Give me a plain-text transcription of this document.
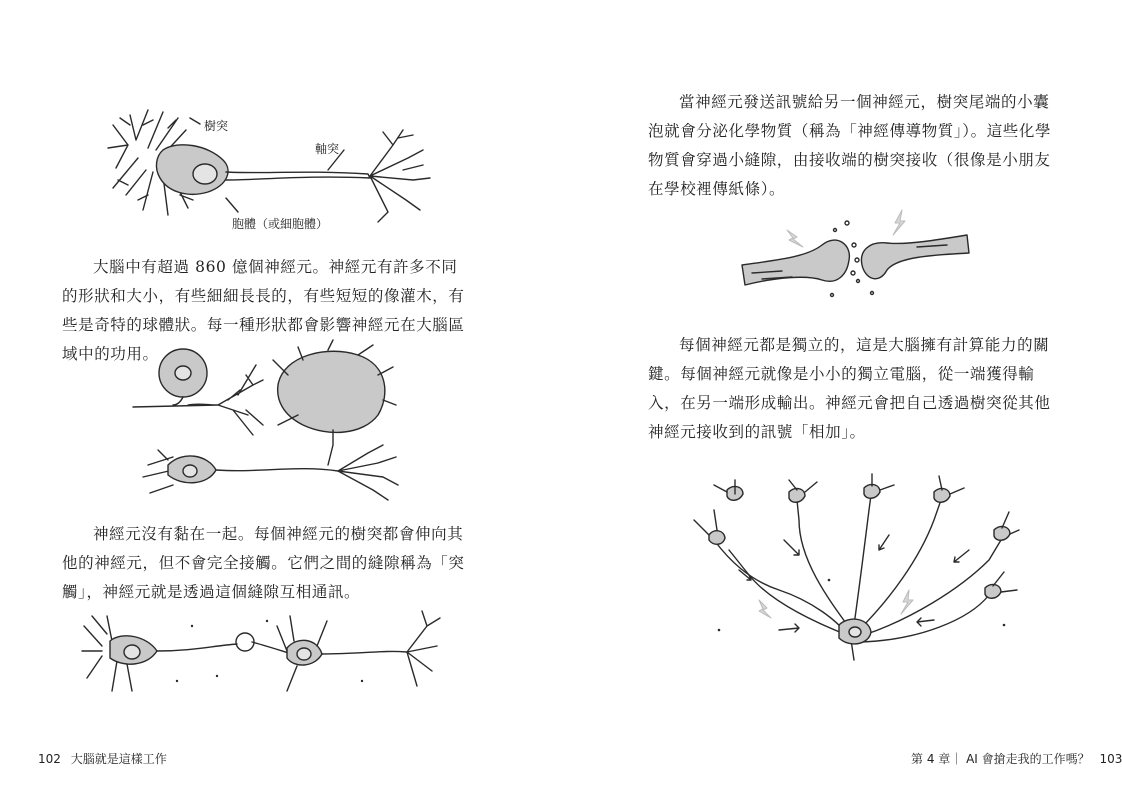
樹突
軸突
胞體（或細胞體）

大腦中有超過 860 億個神經元。神經元有許多不同的形狀和大小，有些細細長長的，有些短短的像灌木，有些是奇特的球體狀。每一種形狀都會影響神經元在大腦區域中的功用。

神經元沒有黏在一起。每個神經元的樹突都會伸向其他的神經元，但不會完全接觸。它們之間的縫隙稱為「突觸」，神經元就是透過這個縫隙互相通訊。

102 大腦就是這樣工作

當神經元發送訊號給另一個神經元，樹突尾端的小囊泡就會分泌化學物質（稱為「神經傳導物質」）。這些化學物質會穿過小縫隙，由接收端的樹突接收（很像是小朋友在學校裡傳紙條）。

每個神經元都是獨立的，這是大腦擁有計算能力的關鍵。每個神經元就像是小小的獨立電腦，從一端獲得輸入，在另一端形成輸出。神經元會把自己透過樹突從其他神經元接收到的訊號「相加」。

第 4 章｜ AI 會搶走我的工作嗎？ 103
